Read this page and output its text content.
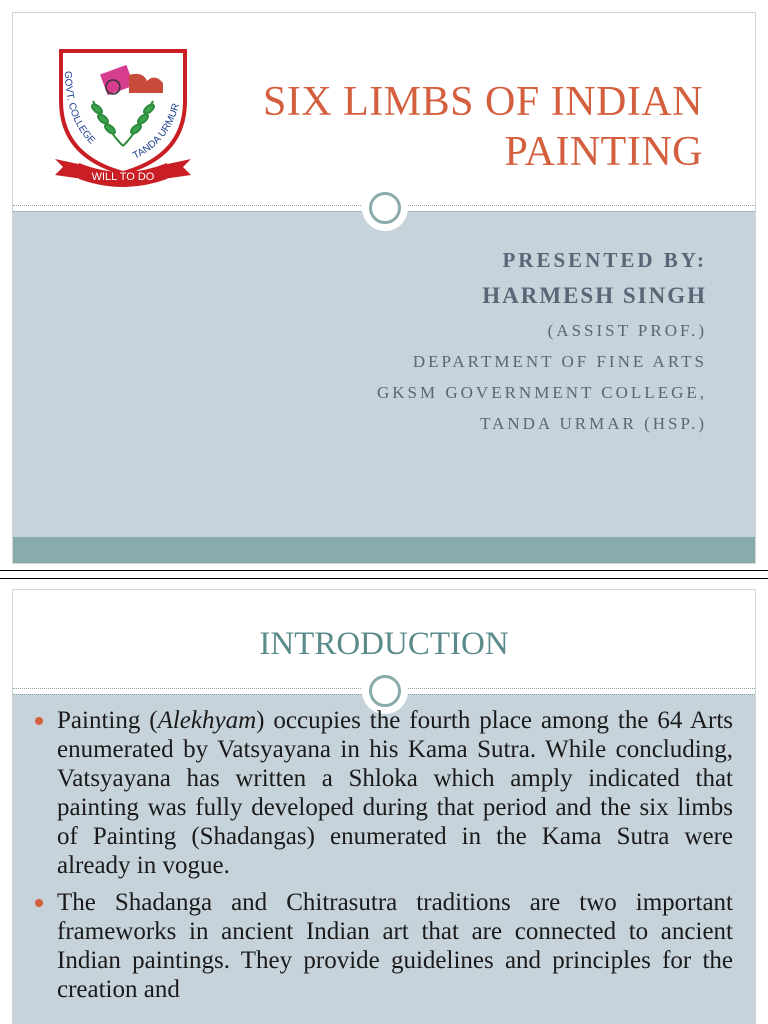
GOVT. COLLEGE
TANDA URMUR
WILL TO DO
SIX LIMBS OF INDIAN PAINTING
PRESENTED BY:
HARMESH SINGH
(ASSIST PROF.)
DEPARTMENT OF FINE ARTS
GKSM GOVERNMENT COLLEGE,
TANDA URMAR (HSP.)
INTRODUCTION
Painting (Alekhyam) occupies the fourth place among the 64 Arts enumerated by Vatsyayana in his Kama Sutra. While concluding, Vatsyayana has written a Shloka which amply indicated that painting was fully developed during that period and the six limbs of Painting (Shadangas) enumerated in the Kama Sutra were already in vogue.
The Shadanga and Chitrasutra traditions are two important frameworks in ancient Indian art that are connected to ancient Indian paintings. They provide guidelines and principles for the creation and
